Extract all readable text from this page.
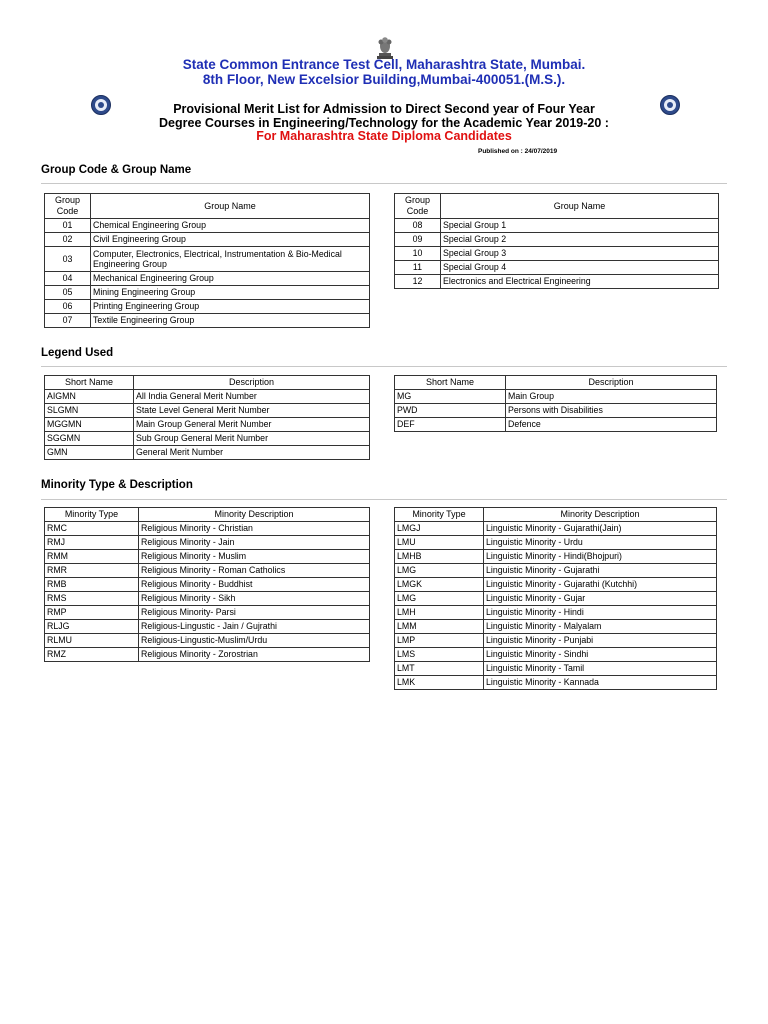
State Common Entrance Test Cell, Maharashtra State, Mumbai.
8th Floor, New Excelsior Building,Mumbai-400051.(M.S.).
Provisional Merit List for Admission to Direct Second year of Four Year
Degree Courses in Engineering/Technology for the Academic Year 2019-20 :
For Maharashtra State Diploma Candidates
Published on : 24/07/2019
Group Code & Group Name
Group Code	Group Name
01	Chemical Engineering Group
02	Civil Engineering Group
03	Computer, Electronics, Electrical, Instrumentation & Bio-Medical Engineering Group
04	Mechanical Engineering Group
05	Mining Engineering Group
06	Printing Engineering Group
07	Textile Engineering Group
Group Code	Group Name
08	Special Group 1
09	Special Group 2
10	Special Group 3
11	Special Group 4
12	Electronics and Electrical Engineering
Legend Used
Short Name	Description
AIGMN	All India General Merit Number
SLGMN	State Level General Merit Number
MGGMN	Main Group General Merit Number
SGGMN	Sub Group General Merit Number
GMN	General Merit Number
Short Name	Description
MG	Main Group
PWD	Persons with Disabilities
DEF	Defence
Minority Type & Description
Minority Type	Minority Description
RMC	Religious Minority - Christian
RMJ	Religious Minority - Jain
RMM	Religious Minority - Muslim
RMR	Religious Minority - Roman Catholics
RMB	Religious Minority - Buddhist
RMS	Religious Minority - Sikh
RMP	Religious Minority- Parsi
RLJG	Religious-Lingustic - Jain / Gujrathi
RLMU	Religious-Lingustic-Muslim/Urdu
RMZ	Religious Minority - Zorostrian
Minority Type	Minority Description
LMGJ	Linguistic Minority - Gujarathi(Jain)
LMU	Linguistic Minority - Urdu
LMHB	Linguistic Minority - Hindi(Bhojpuri)
LMG	Linguistic Minority - Gujarathi
LMGK	Linguistic Minority - Gujarathi (Kutchhi)
LMG	Linguistic Minority - Gujar
LMH	Linguistic Minority - Hindi
LMM	Linguistic Minority - Malyalam
LMP	Linguistic Minority - Punjabi
LMS	Linguistic Minority - Sindhi
LMT	Linguistic Minority - Tamil
LMK	Linguistic Minority - Kannada
